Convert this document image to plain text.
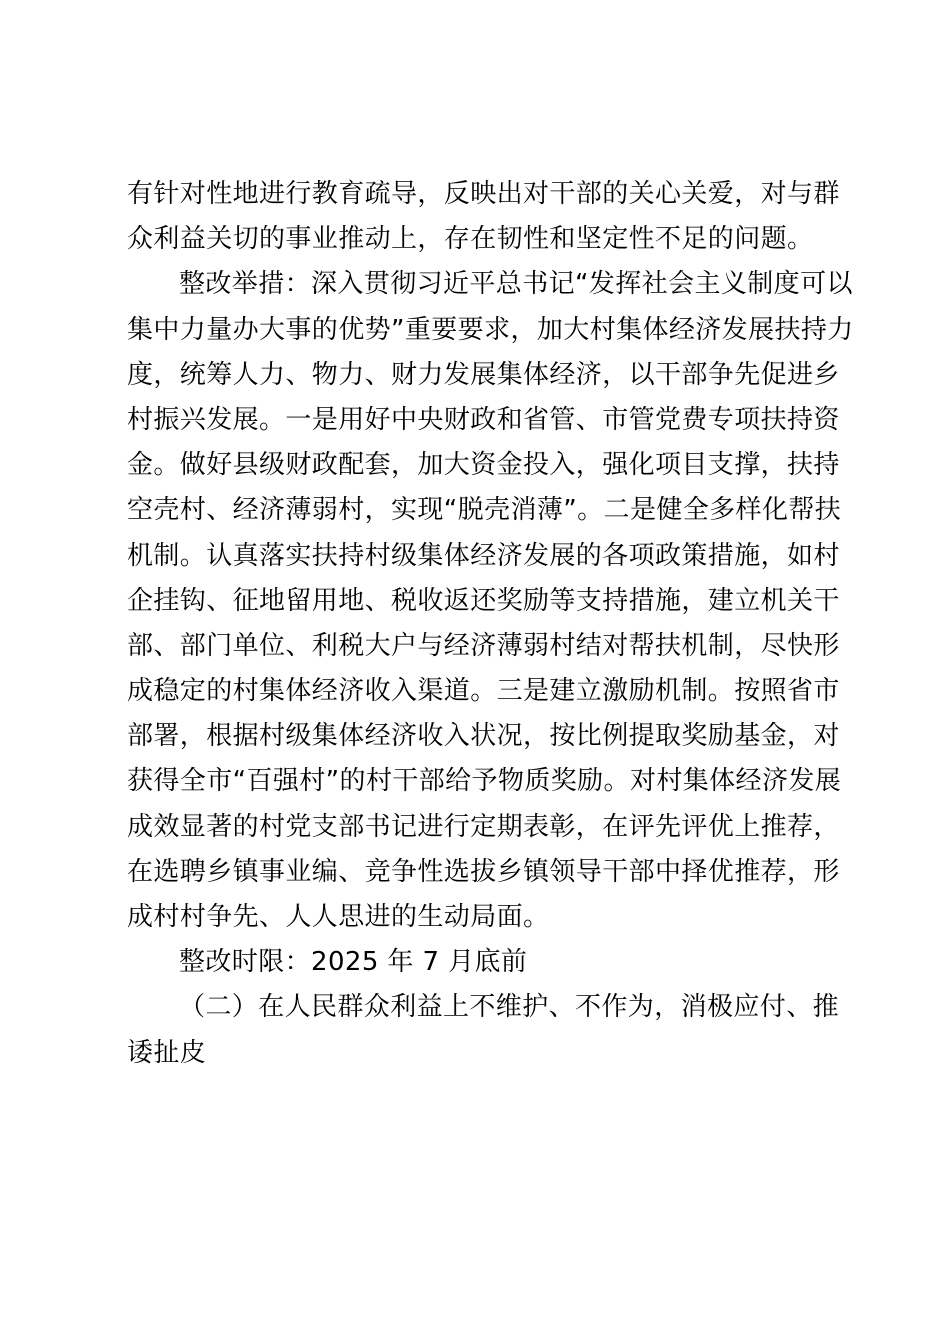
有针对性地进行教育疏导，反映出对干部的关心关爱，对与群
众利益关切的事业推动上，存在韧性和坚定性不足的问题。
整改举措：深入贯彻习近平总书记“发挥社会主义制度可以
集中力量办大事的优势”重要要求，加大村集体经济发展扶持力
度，统筹人力、物力、财力发展集体经济，以干部争先促进乡
村振兴发展。一是用好中央财政和省管、市管党费专项扶持资
金。做好县级财政配套，加大资金投入，强化项目支撑，扶持
空壳村、经济薄弱村，实现“脱壳消薄”。二是健全多样化帮扶
机制。认真落实扶持村级集体经济发展的各项政策措施，如村
企挂钩、征地留用地、税收返还奖励等支持措施，建立机关干
部、部门单位、利税大户与经济薄弱村结对帮扶机制，尽快形
成稳定的村集体经济收入渠道。三是建立激励机制。按照省市
部署，根据村级集体经济收入状况，按比例提取奖励基金，对
获得全市“百强村”的村干部给予物质奖励。对村集体经济发展
成效显著的村党支部书记进行定期表彰，在评先评优上推荐，
在选聘乡镇事业编、竞争性选拔乡镇领导干部中择优推荐，形
成村村争先、人人思进的生动局面。
整改时限：2025 年 7 月底前
（二）在人民群众利益上不维护、不作为，消极应付、推
诿扯皮
